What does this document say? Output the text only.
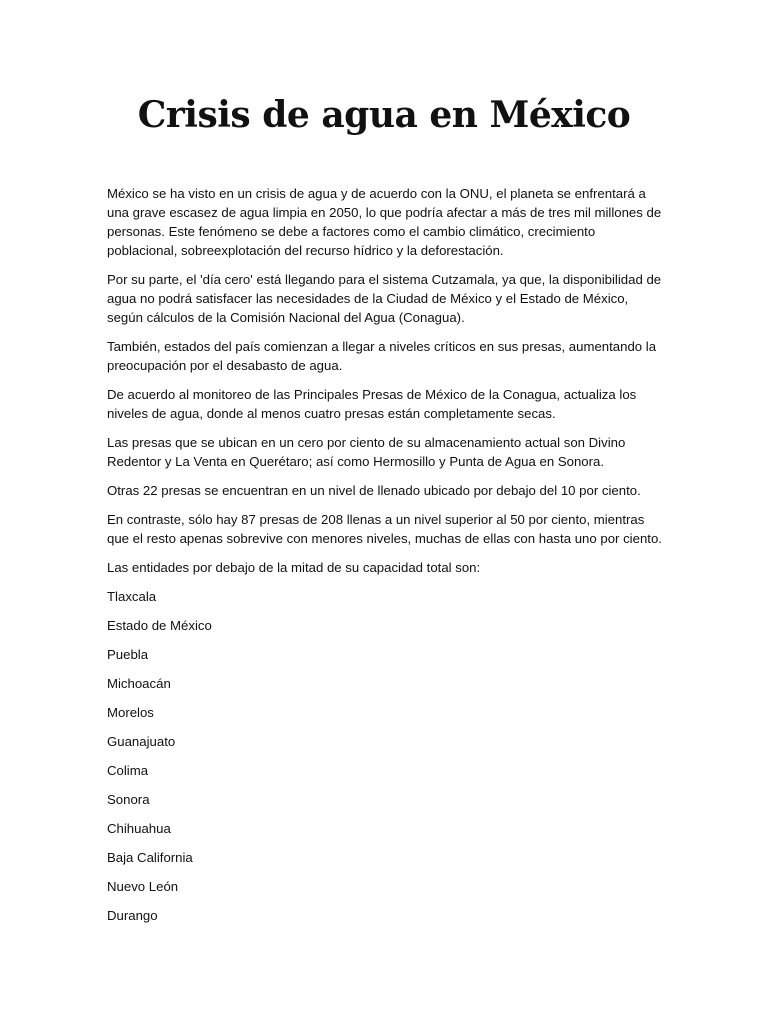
Crisis de agua en México

México se ha visto en un crisis de agua y de acuerdo con la ONU, el planeta se enfrentará a una grave escasez de agua limpia en 2050, lo que podría afectar a más de tres mil millones de personas. Este fenómeno se debe a factores como el cambio climático, crecimiento poblacional, sobreexplotación del recurso hídrico y la deforestación.

Por su parte, el 'día cero' está llegando para el sistema Cutzamala, ya que, la disponibilidad de agua no podrá satisfacer las necesidades de la Ciudad de México y el Estado de México, según cálculos de la Comisión Nacional del Agua (Conagua).

También, estados del país comienzan a llegar a niveles críticos en sus presas, aumentando la preocupación por el desabasto de agua.

De acuerdo al monitoreo de las Principales Presas de México de la Conagua, actualiza los niveles de agua, donde al menos cuatro presas están completamente secas.

Las presas que se ubican en un cero por ciento de su almacenamiento actual son Divino Redentor y La Venta en Querétaro; así como Hermosillo y Punta de Agua en Sonora.

Otras 22 presas se encuentran en un nivel de llenado ubicado por debajo del 10 por ciento.

En contraste, sólo hay 87 presas de 208 llenas a un nivel superior al 50 por ciento, mientras que el resto apenas sobrevive con menores niveles, muchas de ellas con hasta uno por ciento.

Las entidades por debajo de la mitad de su capacidad total son:

Tlaxcala
Estado de México
Puebla
Michoacán
Morelos
Guanajuato
Colima
Sonora
Chihuahua
Baja California
Nuevo León
Durango
